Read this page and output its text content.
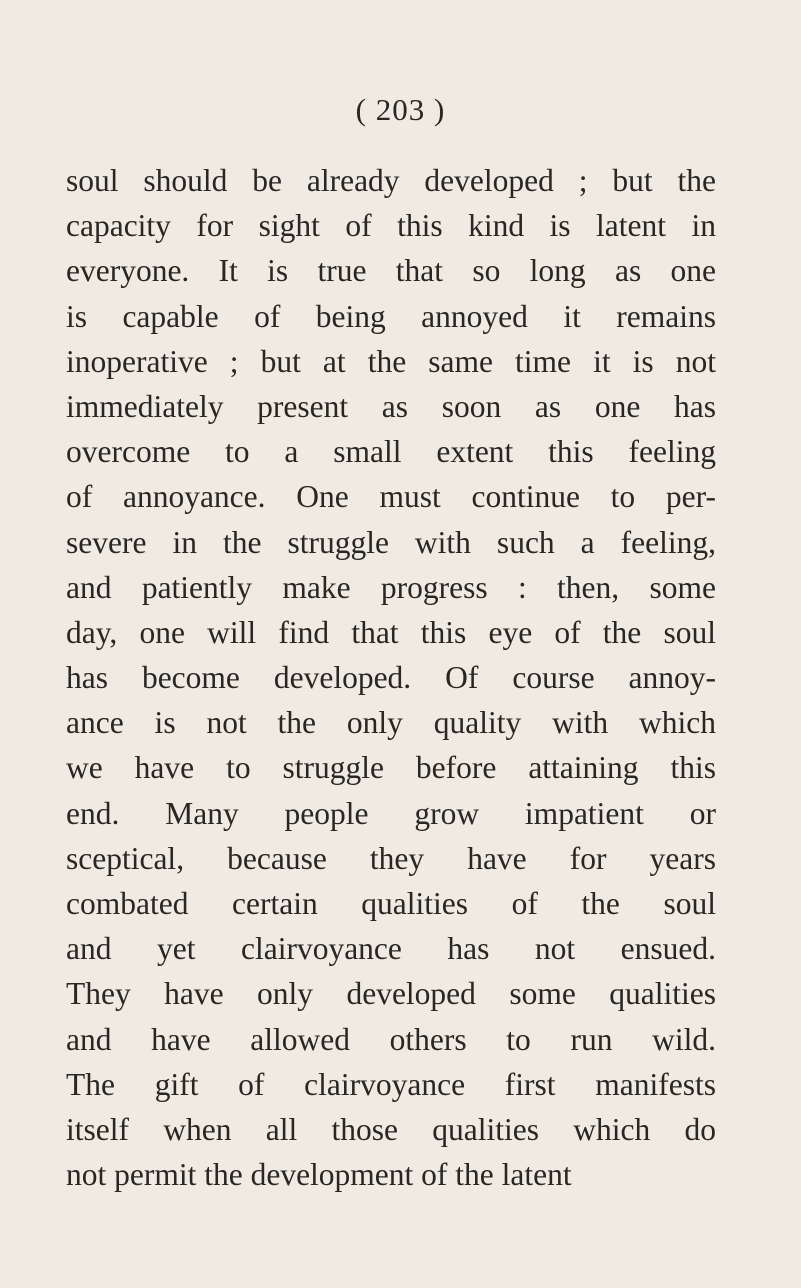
( 203 )
soul should be already developed ; but the
capacity for sight of this kind is latent in
everyone. It is true that so long as one
is capable of being annoyed it remains
inoperative ; but at the same time it is not
immediately present as soon as one has
overcome to a small extent this feeling
of annoyance. One must continue to per-
severe in the struggle with such a feeling,
and patiently make progress : then, some
day, one will find that this eye of the soul
has become developed. Of course annoy-
ance is not the only quality with which
we have to struggle before attaining this
end. Many people grow impatient or
sceptical, because they have for years
combated certain qualities of the soul
and yet clairvoyance has not ensued.
They have only developed some qualities
and have allowed others to run wild.
The gift of clairvoyance first manifests
itself when all those qualities which do
not permit the development of the latent
